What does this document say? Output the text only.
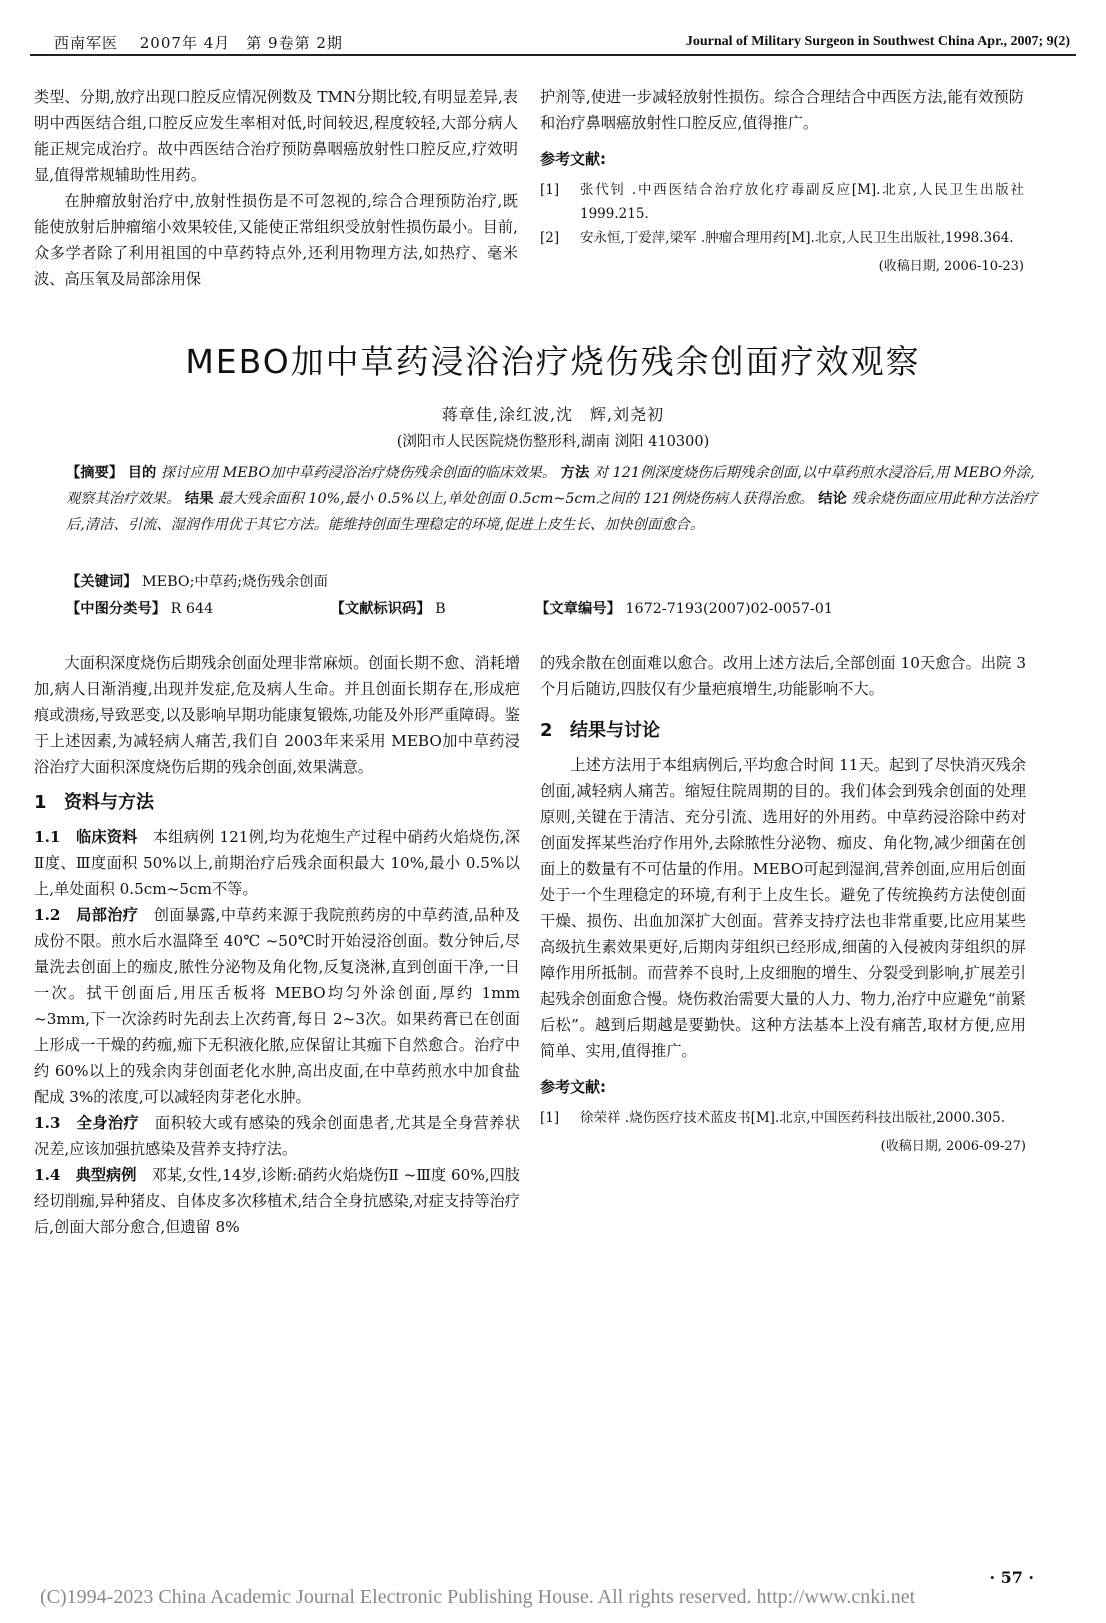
西南军医　 2007年 4月　第 9卷第 2期	Journal of Military Surgeon in Southwest China Apr., 2007; 9(2)

类型、分期,放疗出现口腔反应情况例数及 TMN分期比较,有明显差异,表明中西医结合组,口腔反应发生率相对低,时间较迟,程度较轻,大部分病人能正规完成治疗。故中西医结合治疗预防鼻咽癌放射性口腔反应,疗效明显,值得常规辅助性用药。

在肿瘤放射治疗中,放射性损伤是不可忽视的,综合合理预防治疗,既能使放射后肿瘤缩小效果较佳,又能使正常组织受放射性损伤最小。目前,众多学者除了利用祖国的中草药特点外,还利用物理方法,如热疗、毫米波、高压氧及局部涂用保

护剂等,使进一步减轻放射性损伤。综合合理结合中西医方法,能有效预防和治疗鼻咽癌放射性口腔反应,值得推广。

参考文献:
[1] 张代钊 .中西医结合治疗放化疗毒副反应[M].北京,人民卫生出版社 1999.215.
[2] 安永恒,丁爱萍,梁军 .肿瘤合理用药[M].北京,人民卫生出版社,1998.364.
(收稿日期, 2006-10-23)
MEBO加中草药浸浴治疗烧伤残余创面疗效观察
蒋章佳,涂红波,沈　辉,刘尧初
(浏阳市人民医院烧伤整形科,湖南 浏阳 410300)
【摘要】 目的 探讨应用 MEBO加中草药浸浴治疗烧伤残余创面的临床效果。 方法 对 121例深度烧伤后期残余创面,以中草药煎水浸浴后,用 MEBO外涂,观察其治疗效果。 结果 最大残余面积 10%,最小 0.5%以上,单处创面 0.5cm~5cm之间的 121例烧伤病人获得治愈。 结论 残余烧伤面应用此种方法治疗后,清洁、引流、湿润作用优于其它方法。能维持创面生理稳定的环境,促进上皮生长、加快创面愈合。
【关键词】 MEBO;中草药;烧伤残余创面
【中图分类号】 R 644	【文献标识码】 B	【文章编号】 1672-7193(2007)02-0057-01

大面积深度烧伤后期残余创面处理非常麻烦。创面长期不愈、消耗增加,病人日渐消瘦,出现并发症,危及病人生命。并且创面长期存在,形成疤痕或溃疡,导致恶变,以及影响早期功能康复锻炼,功能及外形严重障碍。鉴于上述因素,为减轻病人痛苦,我们自 2003年来采用 MEBO加中草药浸浴治疗大面积深度烧伤后期的残余创面,效果满意。

1 资料与方法

1.1　临床资料　 本组病例 121例,均为花炮生产过程中硝药火焰烧伤,深Ⅱ度、Ⅲ度面积 50%以上,前期治疗后残余面积最大 10%,最小 0.5%以上,单处面积 0.5cm~5cm不等。

1.2　局部治疗　 创面暴露,中草药来源于我院煎药房的中草药渣,品种及成份不限。煎水后水温降至 40℃ ~50℃时开始浸浴创面。数分钟后,尽量洗去创面上的痂皮,脓性分泌物及角化物,反复浇淋,直到创面干净,一日一次。拭干创面后,用压舌板将 MEBO均匀外涂创面,厚约 1mm ~3mm,下一次涂药时先刮去上次药膏,每日 2~3次。如果药膏已在创面上形成一干燥的药痂,痂下无积液化脓,应保留让其痂下自然愈合。治疗中约 60%以上的残余肉芽创面老化水肿,高出皮面,在中草药煎水中加食盐配成 3%的浓度,可以减轻肉芽老化水肿。

1.3　全身治疗　 面积较大或有感染的残余创面患者,尤其是全身营养状况差,应该加强抗感染及营养支持疗法。

1.4　典型病例　 邓某,女性,14岁,诊断:硝药火焰烧伤Ⅱ ~Ⅲ度 60%,四肢经切削痂,异种猪皮、自体皮多次移植术,结合全身抗感染,对症支持等治疗后,创面大部分愈合,但遗留 8%

的残余散在创面难以愈合。改用上述方法后,全部创面 10天愈合。出院 3个月后随访,四肢仅有少量疤痕增生,功能影响不大。

2 结果与讨论

上述方法用于本组病例后,平均愈合时间 11天。起到了尽快消灭残余创面,减轻病人痛苦。缩短住院周期的目的。我们体会到残余创面的处理原则,关键在于清洁、充分引流、选用好的外用药。中草药浸浴除中药对创面发挥某些治疗作用外,去除脓性分泌物、痂皮、角化物,减少细菌在创面上的数量有不可估量的作用。MEBO可起到湿润,营养创面,应用后创面处于一个生理稳定的环境,有利于上皮生长。避免了传统换药方法使创面干燥、损伤、出血加深扩大创面。营养支持疗法也非常重要,比应用某些高级抗生素效果更好,后期肉芽组织已经形成,细菌的入侵被肉芽组织的屏障作用所抵制。而营养不良时,上皮细胞的增生、分裂受到影响,扩展差引起残余创面愈合慢。烧伤救治需要大量的人力、物力,治疗中应避免“前紧后松”。越到后期越是要勤快。这种方法基本上没有痛苦,取材方便,应用简单、实用,值得推广。

参考文献:
[1] 徐荣祥 .烧伤医疗技术蓝皮书[M].北京,中国医药科技出版社,2000.305.
(收稿日期, 2006-09-27)
· 57 ·
(C)1994-2023 China Academic Journal Electronic Publishing House. All rights reserved. http://www.cnki.net
